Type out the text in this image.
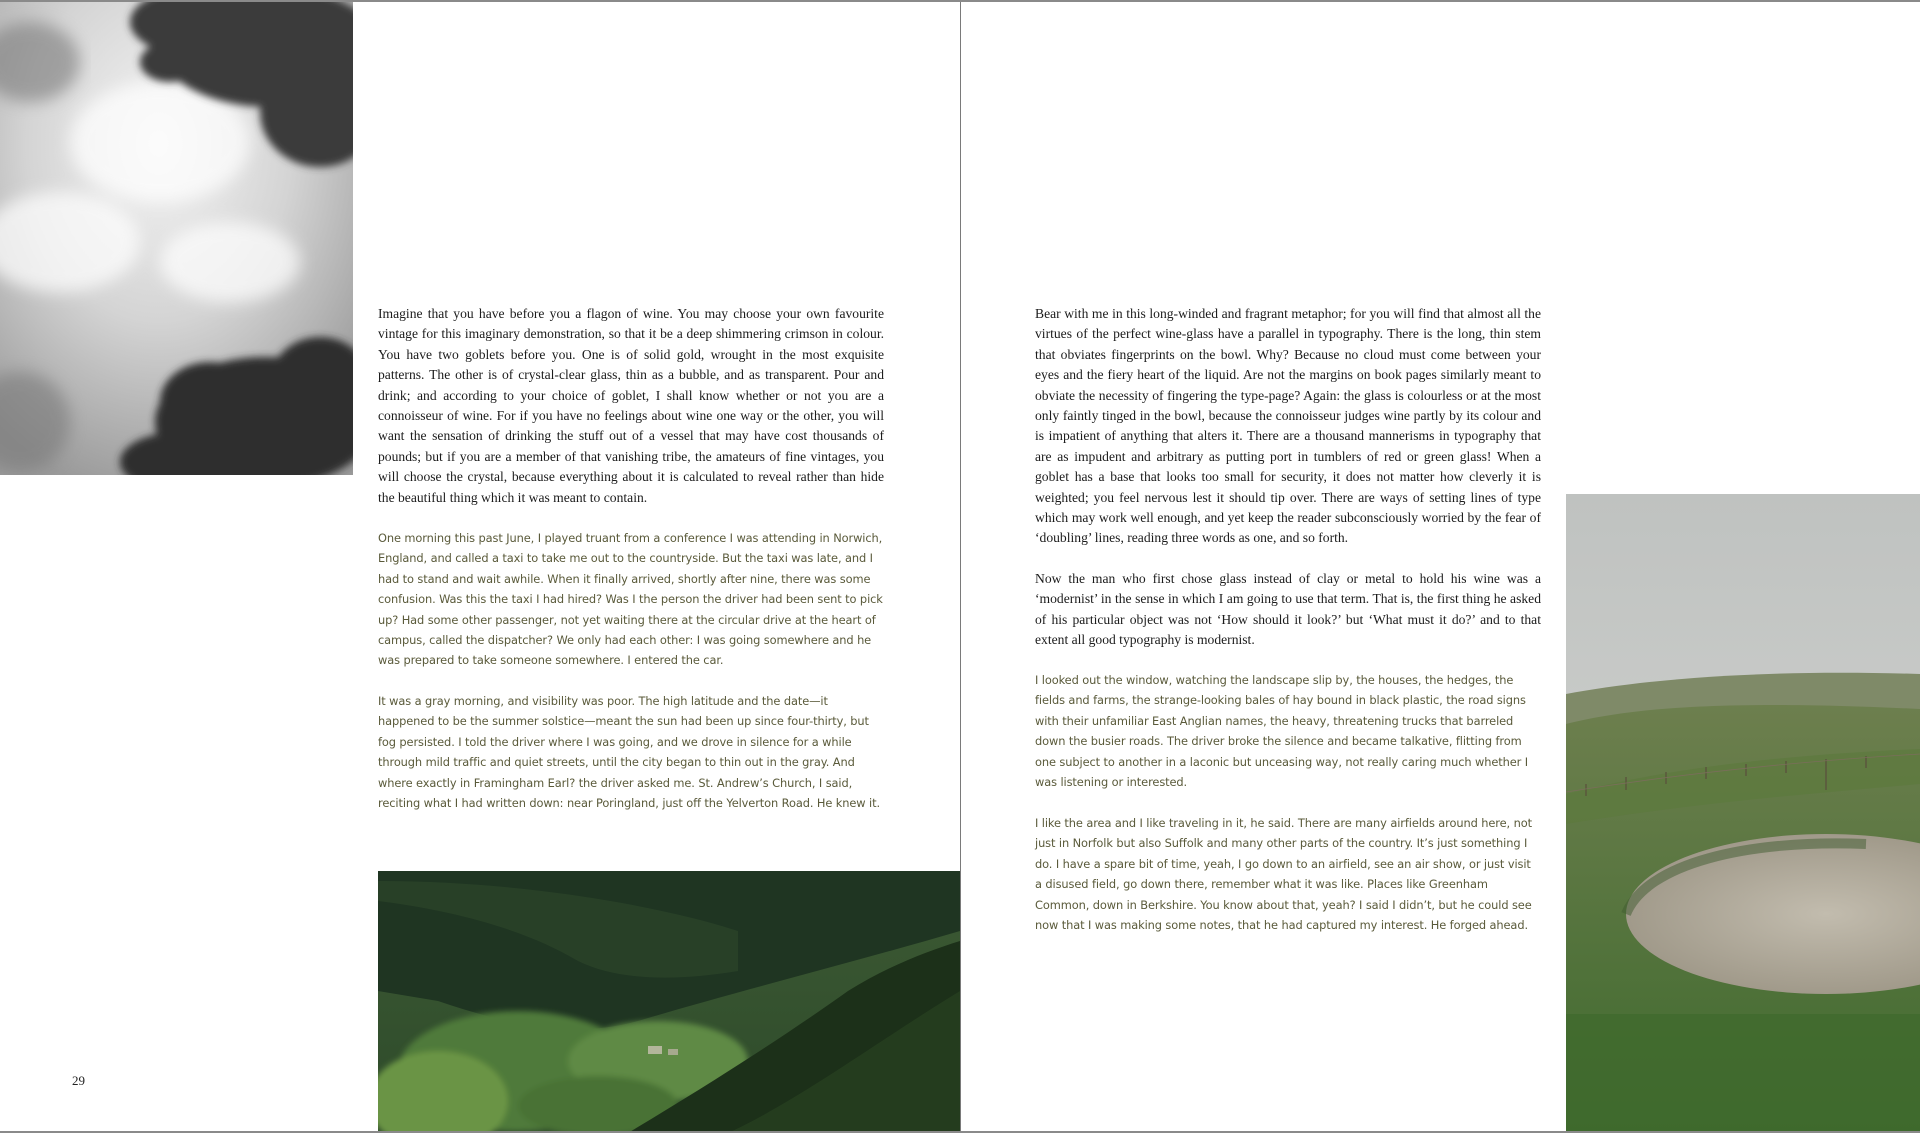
Imagine that you have before you a flagon of wine. You may choose your own favourite vintage for this imaginary demonstration, so that it be a deep shimmering crimson in colour. You have two goblets before you. One is of solid gold, wrought in the most exquisite patterns. The other is of crystal-clear glass, thin as a bubble, and as transparent. Pour and drink; and according to your choice of goblet, I shall know whether or not you are a connoisseur of wine. For if you have no feelings about wine one way or the other, you will want the sensation of drinking the stuff out of a vessel that may have cost thousands of pounds; but if you are a member of that vanishing tribe, the amateurs of fine vintages, you will choose the crystal, because everything about it is calculated to reveal rather than hide the beautiful thing which it was meant to contain.

One morning this past June, I played truant from a conference I was attending in Norwich, England, and called a taxi to take me out to the countryside. But the taxi was late, and I had to stand and wait awhile. When it finally arrived, shortly after nine, there was some confusion. Was this the taxi I had hired? Was I the person the driver had been sent to pick up? Had some other passenger, not yet waiting there at the circular drive at the heart of campus, called the dispatcher? We only had each other: I was going somewhere and he was prepared to take someone somewhere. I entered the car.

It was a gray morning, and visibility was poor. The high latitude and the date—it happened to be the summer solstice—meant the sun had been up since four-thirty, but fog persisted. I told the driver where I was going, and we drove in silence for a while through mild traffic and quiet streets, until the city began to thin out in the gray. And where exactly in Framingham Earl? the driver asked me. St. Andrew’s Church, I said, reciting what I had written down: near Poringland, just off the Yelverton Road. He knew it.

Bear with me in this long-winded and fragrant metaphor; for you will find that almost all the virtues of the perfect wine-glass have a parallel in typography. There is the long, thin stem that obviates fingerprints on the bowl. Why? Because no cloud must come between your eyes and the fiery heart of the liquid. Are not the margins on book pages similarly meant to obviate the necessity of fingering the type-page? Again: the glass is colourless or at the most only faintly tinged in the bowl, because the connoisseur judges wine partly by its colour and is impatient of anything that alters it. There are a thousand mannerisms in typography that are as impudent and arbitrary as putting port in tumblers of red or green glass! When a goblet has a base that looks too small for security, it does not matter how cleverly it is weighted; you feel nervous lest it should tip over. There are ways of setting lines of type which may work well enough, and yet keep the reader subconsciously worried by the fear of ‘doubling’ lines, reading three words as one, and so forth.

Now the man who first chose glass instead of clay or metal to hold his wine was a ‘modernist’ in the sense in which I am going to use that term. That is, the first thing he asked of his particular object was not ‘How should it look?’ but ‘What must it do?’ and to that extent all good typography is modernist.

I looked out the window, watching the landscape slip by, the houses, the hedges, the fields and farms, the strange-looking bales of hay bound in black plastic, the road signs with their unfamiliar East Anglian names, the heavy, threatening trucks that barreled down the busier roads. The driver broke the silence and became talkative, flitting from one subject to another in a laconic but unceasing way, not really caring much whether I was listening or interested.

I like the area and I like traveling in it, he said. There are many airfields around here, not just in Norfolk but also Suffolk and many other parts of the country. It’s just something I do. I have a spare bit of time, yeah, I go down to an airfield, see an air show, or just visit a disused field, go down there, remember what it was like. Places like Greenham Common, down in Berkshire. You know about that, yeah? I said I didn’t, but he could see now that I was making some notes, that he had captured my interest. He forged ahead.

29
